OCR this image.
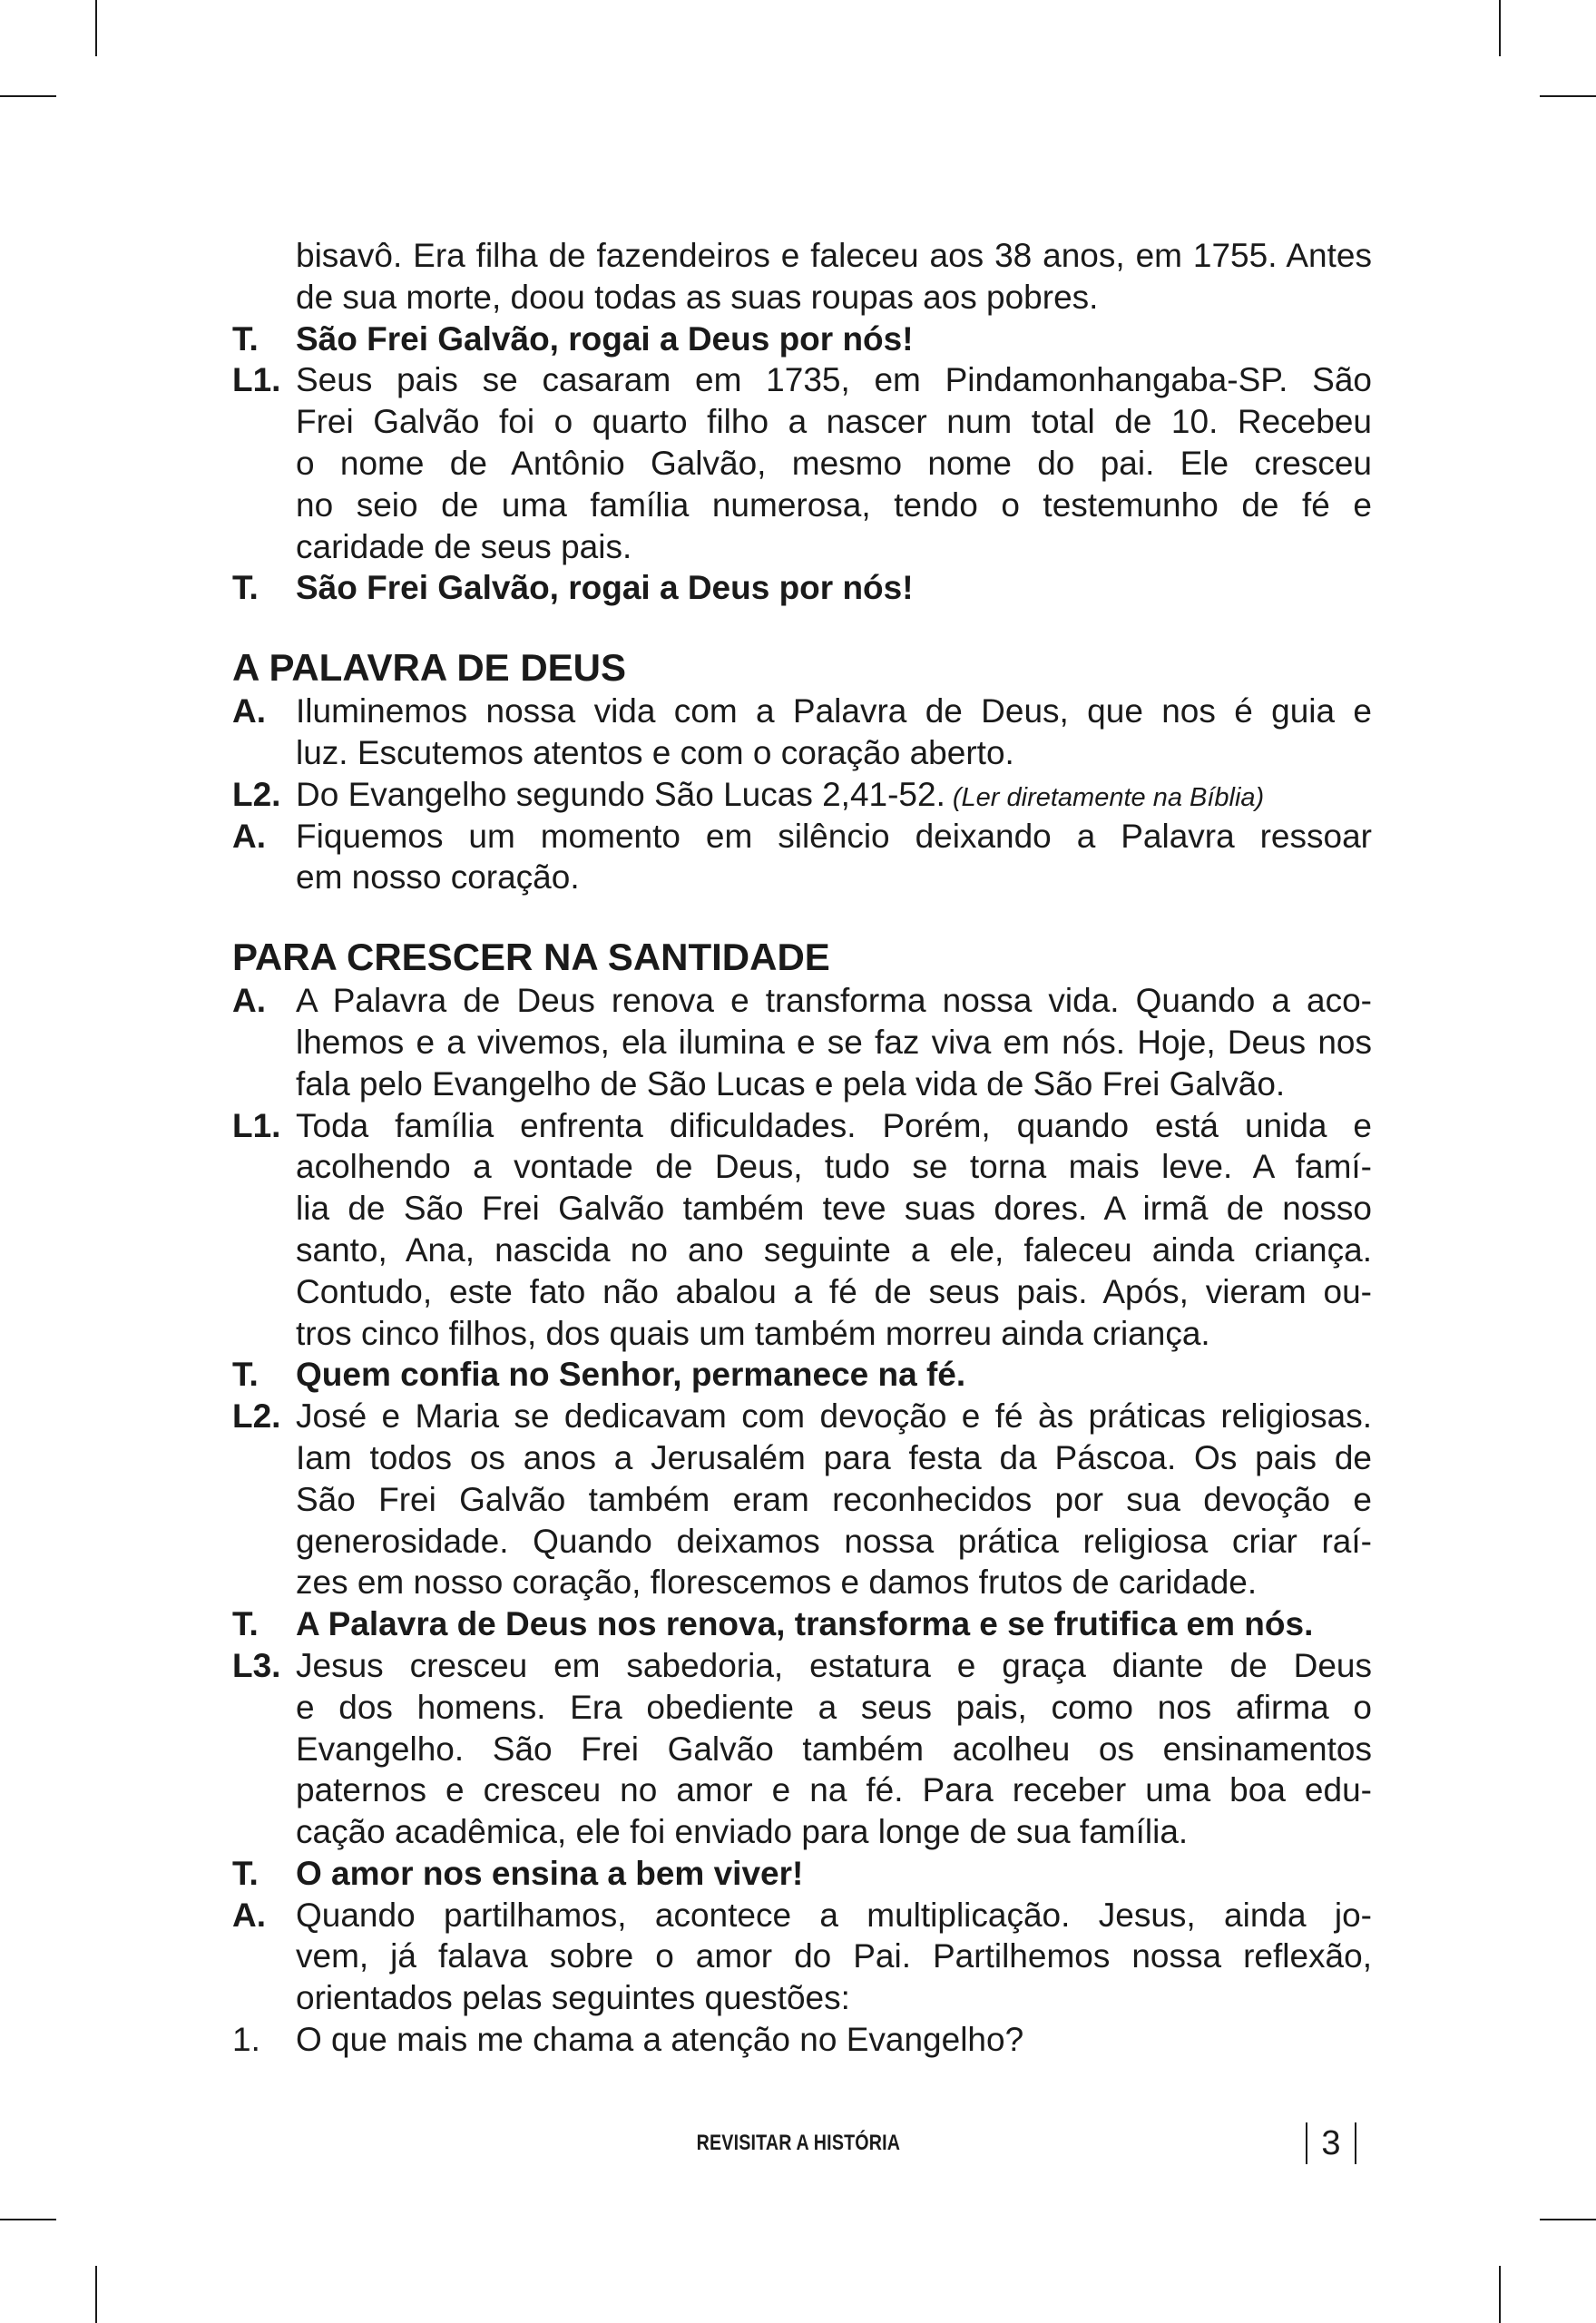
bisavô. Era filha de fazendeiros e faleceu aos 38 anos, em 1755. Antes
de sua morte, doou todas as suas roupas aos pobres.
T.	São Frei Galvão, rogai a Deus por nós!
L1. Seus pais se casaram em 1735, em Pindamonhangaba-SP. São
Frei Galvão foi o quarto filho a nascer num total de 10. Recebeu
o nome de Antônio Galvão, mesmo nome do pai. Ele cresceu
no seio de uma família numerosa, tendo o testemunho de fé e
caridade de seus pais.
T.	São Frei Galvão, rogai a Deus por nós!
A PALAVRA DE DEUS
A. Iluminemos nossa vida com a Palavra de Deus, que nos é guia e
luz. Escutemos atentos e com o coração aberto.
L2. Do Evangelho segundo São Lucas 2,41-52. (Ler diretamente na Bíblia)
A. Fiquemos um momento em silêncio deixando a Palavra ressoar
em nosso coração.
PARA CRESCER NA SANTIDADE
A. A Palavra de Deus renova e transforma nossa vida. Quando a aco-
lhemos e a vivemos, ela ilumina e se faz viva em nós. Hoje, Deus nos
fala pelo Evangelho de São Lucas e pela vida de São Frei Galvão.
L1. Toda família enfrenta dificuldades. Porém, quando está unida e
acolhendo a vontade de Deus, tudo se torna mais leve. A famí-
lia de São Frei Galvão também teve suas dores. A irmã de nosso
santo, Ana, nascida no ano seguinte a ele, faleceu ainda criança.
Contudo, este fato não abalou a fé de seus pais. Após, vieram ou-
tros cinco filhos, dos quais um também morreu ainda criança.
T.	Quem confia no Senhor, permanece na fé.
L2. José e Maria se dedicavam com devoção e fé às práticas religiosas.
Iam todos os anos a Jerusalém para festa da Páscoa. Os pais de
São Frei Galvão também eram reconhecidos por sua devoção e
generosidade. Quando deixamos nossa prática religiosa criar raí-
zes em nosso coração, florescemos e damos frutos de caridade.
T.	A Palavra de Deus nos renova, transforma e se frutifica em nós.
L3. Jesus cresceu em sabedoria, estatura e graça diante de Deus
e dos homens. Era obediente a seus pais, como nos afirma o
Evangelho. São Frei Galvão também acolheu os ensinamentos
paternos e cresceu no amor e na fé. Para receber uma boa edu-
cação acadêmica, ele foi enviado para longe de sua família.
T.	O amor nos ensina a bem viver!
A. Quando partilhamos, acontece a multiplicação. Jesus, ainda jo-
vem, já falava sobre o amor do Pai. Partilhemos nossa reflexão,
orientados pelas seguintes questões:
1.	O que mais me chama a atenção no Evangelho?
REVISITAR A HISTÓRIA	3
